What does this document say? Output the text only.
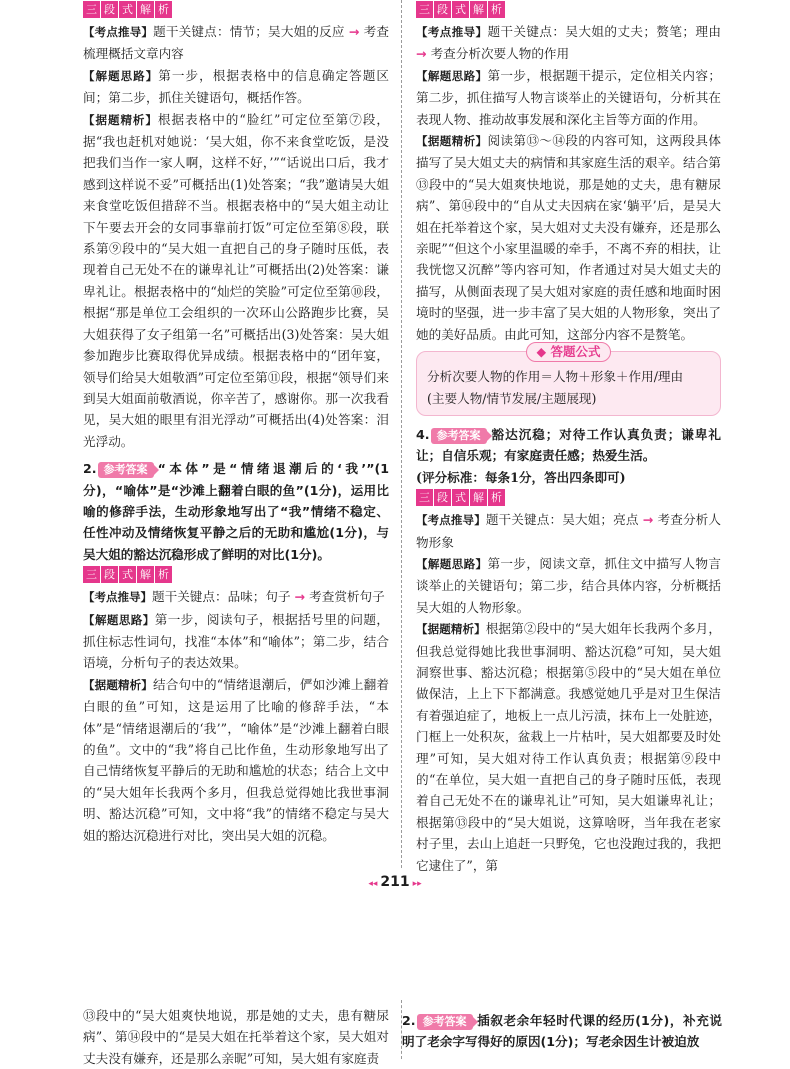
三 段 式 解 析

【考点推导】题干关键点：情节；吴大姐的反应 → 考查梳理概括文章内容

【解题思路】第一步，根据表格中的信息确定答题区间；第二步，抓住关键语句，概括作答。

【据题精析】根据表格中的“脸红”可定位至第⑦段，据“我也赶机对她说：‘吴大姐，你不来食堂吃饭，是没把我们当作一家人啊，这样不好，’”“话说出口后，我才感到这样说不妥”可概括出(1)处答案；“我”邀请吴大姐来食堂吃饭但措辞不当。根据表格中的“吴大姐主动让下午要去开会的女同事靠前打饭”可定位至第⑧段，联系第⑨段中的“吴大姐一直把自己的身子随时压低，表现着自己无处不在的谦卑礼让”可概括出(2)处答案：谦卑礼让。根据表格中的“灿烂的笑脸”可定位至第⑩段，根据“那是单位工会组织的一次环山公路跑步比赛，吴大姐获得了女子组第一名”可概括出(3)处答案：吴大姐参加跑步比赛取得优异成绩。根据表格中的“团年宴，领导们给吴大姐敬酒”可定位至第⑪段，根据“领导们来到吴大姐面前敬酒说，你辛苦了，感谢你。那一次我看见，吴大姐的眼里有泪光浮动”可概括出(4)处答案：泪光浮动。

2. 参考答案 “本体”是“情绪退潮后的‘我’”(1分)，“喻体”是“沙滩上翻着白眼的鱼”(1分)，运用比喻的修辞手法，生动形象地写出了“我”情绪不稳定、任性冲动及情绪恢复平静之后的无助和尴尬(1分)，与吴大姐的豁达沉稳形成了鲜明的对比(1分)。

三 段 式 解 析

【考点推导】题干关键点：品味；句子 → 考查赏析句子

【解题思路】第一步，阅读句子，根据括号里的问题，抓住标志性词句，找准“本体”和“喻体”；第二步，结合语境，分析句子的表达效果。

【据题精析】结合句中的“情绪退潮后，俨如沙滩上翻着白眼的鱼”可知，这是运用了比喻的修辞手法，“本体”是“情绪退潮后的‘我’”，“喻体”是“沙滩上翻着白眼的鱼”。文中的“我”将自己比作鱼，生动形象地写出了自己情绪恢复平静后的无助和尴尬的状态；结合上文中的“吴大姐年长我两个多月，但我总觉得她比我世事洞明、豁达沉稳”可知，文中将“我”的情绪不稳定与吴大姐的豁达沉稳进行对比，突出吴大姐的沉稳。

三 段 式 解 析

【考点推导】题干关键点：吴大姐的丈夫；赘笔；理由 → 考查分析次要人物的作用

【解题思路】第一步，根据题干提示，定位相关内容；第二步，抓住描写人物言谈举止的关键语句，分析其在表现人物、推动故事发展和深化主旨等方面的作用。

【据题精析】阅读第⑬～⑭段的内容可知，这两段具体描写了吴大姐丈夫的病情和其家庭生活的艰辛。结合第⑬段中的“吴大姐爽快地说，那是她的丈夫，患有糖尿病”、第⑭段中的“自从丈夫因病在家‘躺平’后，是吴大姐在托举着这个家，吴大姐对丈夫没有嫌弃，还是那么亲昵”“但这个小家里温暖的牵手，不离不弃的相扶，让我恍惚又沉醉”等内容可知，作者通过对吴大姐丈夫的描写，从侧面表现了吴大姐对家庭的责任感和地面时困境时的坚强，进一步丰富了吴大姐的人物形象，突出了她的美好品质。由此可知，这部分内容不是赘笔。

◆ 答题公式

分析次要人物的作用＝人物＋形象＋作用/理由

(主要人物/情节发展/主题展现)

4. 参考答案 豁达沉稳；对待工作认真负责；谦卑礼让；自信乐观；有家庭责任感；热爱生活。

(评分标准：每条1分，答出四条即可)

三 段 式 解 析

【考点推导】题干关键点：吴大姐；亮点 → 考查分析人物形象

【解题思路】第一步，阅读文章，抓住文中描写人物言谈举止的关键语句；第二步，结合具体内容，分析概括吴大姐的人物形象。

【据题精析】根据第②段中的“吴大姐年长我两个多月，但我总觉得她比我世事洞明、豁达沉稳”可知，吴大姐洞察世事、豁达沉稳；根据第⑤段中的“吴大姐在单位做保洁，上上下下都满意。我感觉她几乎是对卫生保洁有着强迫症了，地板上一点儿污渍，抹布上一处脏迹，门框上一处积灰，盆栽上一片枯叶，吴大姐都要及时处理”可知，吴大姐对待工作认真负责；根据第⑨段中的“在单位，吴大姐一直把自己的身子随时压低，表现着自己无处不在的谦卑礼让”可知，吴大姐谦卑礼让；根据第⑬段中的“吴大姐说，这算啥呀，当年我在老家村子里，去山上追赶一只野兔，它也没跑过我的，我把它逮住了”，第

◂◂ 211 ▸▸

⑬段中的“吴大姐爽快地说，那是她的丈夫，患有糖尿病”、第⑭段中的“是吴大姐在托举着这个家，吴大姐对丈夫没有嫌弃，还是那么亲昵”可知，吴大姐有家庭责

2. 参考答案 插叙老余年轻时代课的经历(1分)，补充说明了老余字写得好的原因(1分)；写老余因生计被迫放
